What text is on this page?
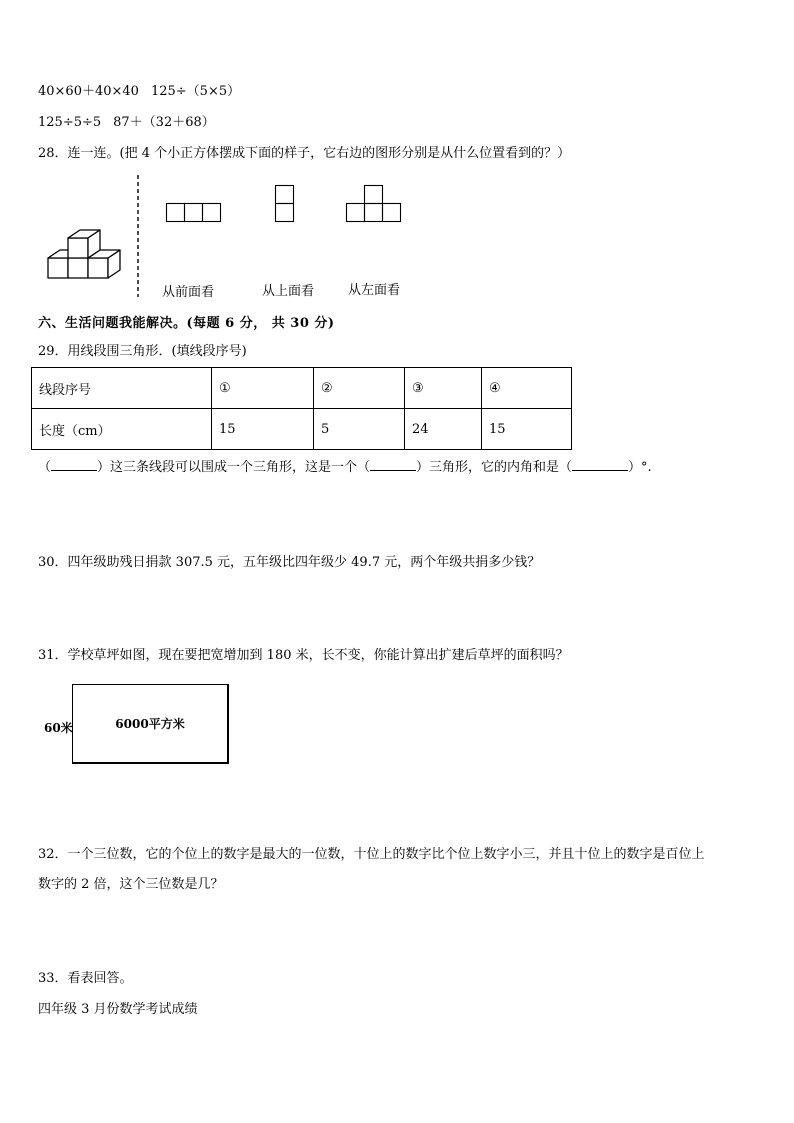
40×60＋40×40 125÷（5×5）
125÷5÷5 87＋（32＋68）
28．连一连。(把 4 个小正方体摆成下面的样子，它右边的图形分别是从什么位置看到的？）
从前面看	从上面看	从左面看
六、生活问题我能解决。(每题 6 分， 共 30 分)
29．用线段围三角形．(填线段序号)
线段序号	①	②	③	④
长度（cm）	15	5	24	15
（	）这三条线段可以围成一个三角形，这是一个（	）三角形，它的内角和是（	）°.
30．四年级助残日捐款 307.5 元，五年级比四年级少 49.7 元，两个年级共捐多少钱？
31．学校草坪如图，现在要把宽增加到 180 米，长不变，你能计算出扩建后草坪的面积吗？
60米	6000平方米
32．一个三位数，它的个位上的数字是最大的一位数，十位上的数字比个位上数字小三，并且十位上的数字是百位上
数字的 2 倍，这个三位数是几？
33．看表回答。
四年级 3 月份数学考试成绩
